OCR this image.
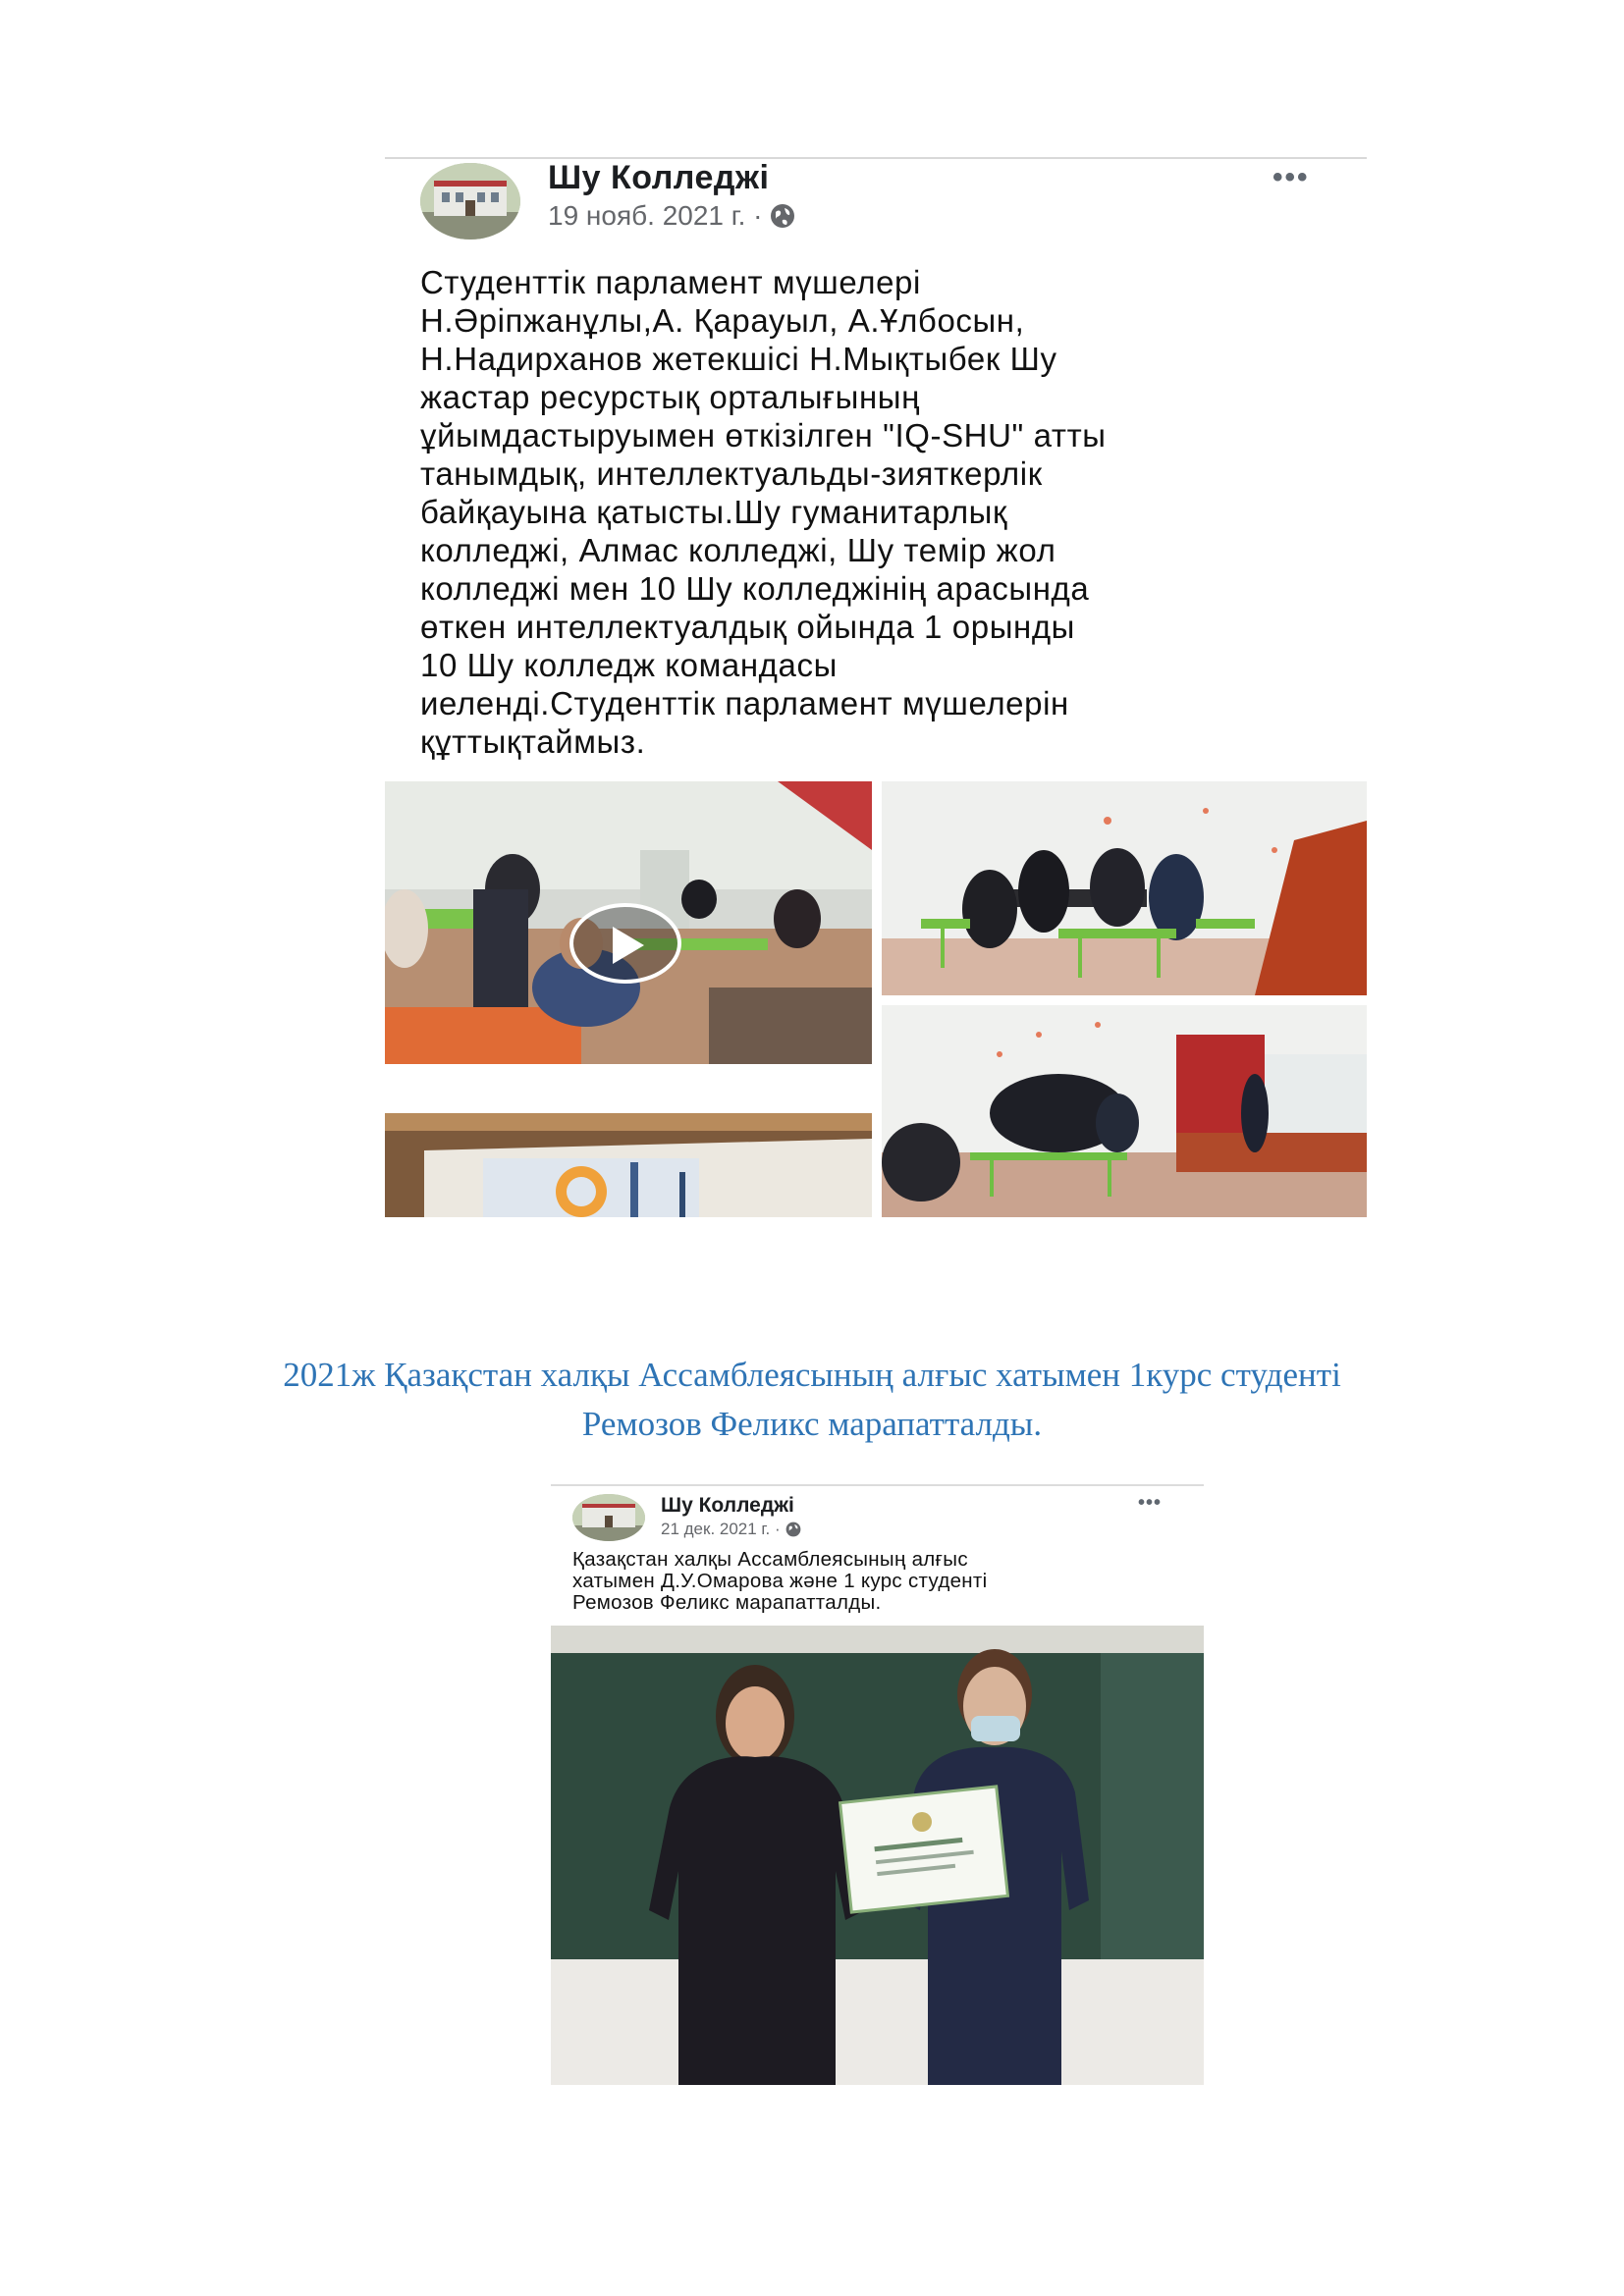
Шу Колледжі
19 нояб. 2021 г. ·
•••
Студенттік парламент мүшелері
Н.Әріпжанұлы,А. Қарауыл, А.Ұлбосын,
Н.Надирханов жетекшісі Н.Мықтыбек Шу
жастар ресурстық орталығының
ұйымдастыруымен өткізілген "IQ-SHU" атты
танымдық, интеллектуальды-зияткерлік
байқауына қатысты.Шу гуманитарлық
колледжі, Алмас колледжі, Шу темір жол
колледжі мен 10 Шу колледжінің арасында
өткен интеллектуалдық ойында 1 орынды
10 Шу колледж командасы
иеленді.Студенттік парламент мүшелерін
құттықтаймыз.
2021ж Қазақстан халқы Ассамблеясының алғыс хатымен 1курс студенті
Ремозов Феликс марапатталды.
Шу Колледжі
21 дек. 2021 г. ·
•••
Қазақстан халқы Ассамблеясының алғыс
хатымен Д.У.Омарова және 1 курс студенті
Ремозов Феликс марапатталды.
